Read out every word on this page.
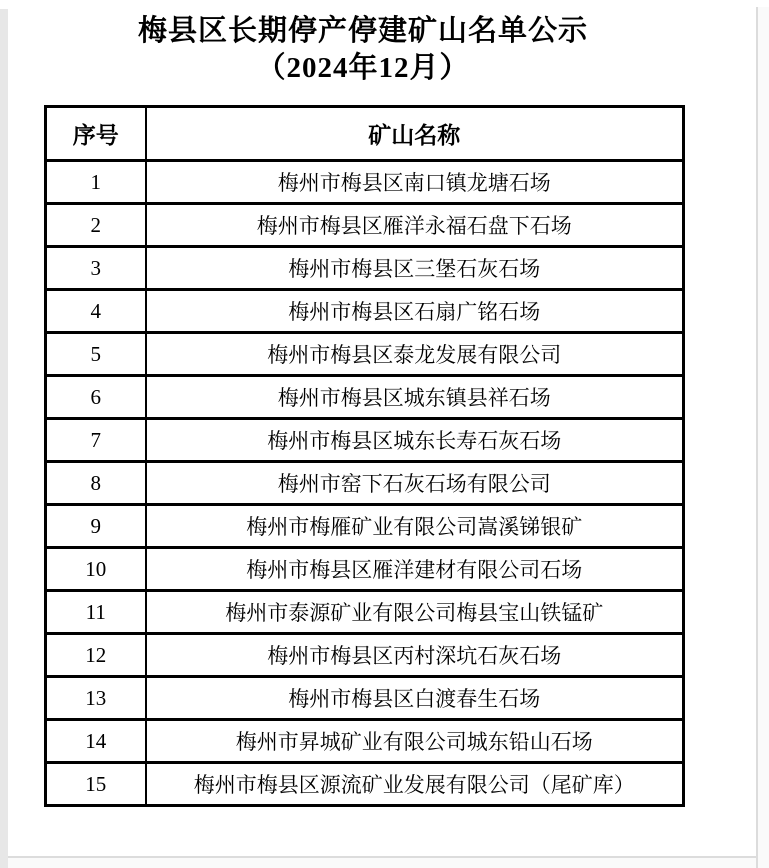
梅县区长期停产停建矿山名单公示
（2024年12月）
序号	矿山名称
1	梅州市梅县区南口镇龙塘石场
2	梅州市梅县区雁洋永福石盘下石场
3	梅州市梅县区三堡石灰石场
4	梅州市梅县区石扇广铭石场
5	梅州市梅县区泰龙发展有限公司
6	梅州市梅县区城东镇县祥石场
7	梅州市梅县区城东长寿石灰石场
8	梅州市窑下石灰石场有限公司
9	梅州市梅雁矿业有限公司嵩溪锑银矿
10	梅州市梅县区雁洋建材有限公司石场
11	梅州市泰源矿业有限公司梅县宝山铁锰矿
12	梅州市梅县区丙村深坑石灰石场
13	梅州市梅县区白渡春生石场
14	梅州市昇城矿业有限公司城东铅山石场
15	梅州市梅县区源流矿业发展有限公司（尾矿库）
